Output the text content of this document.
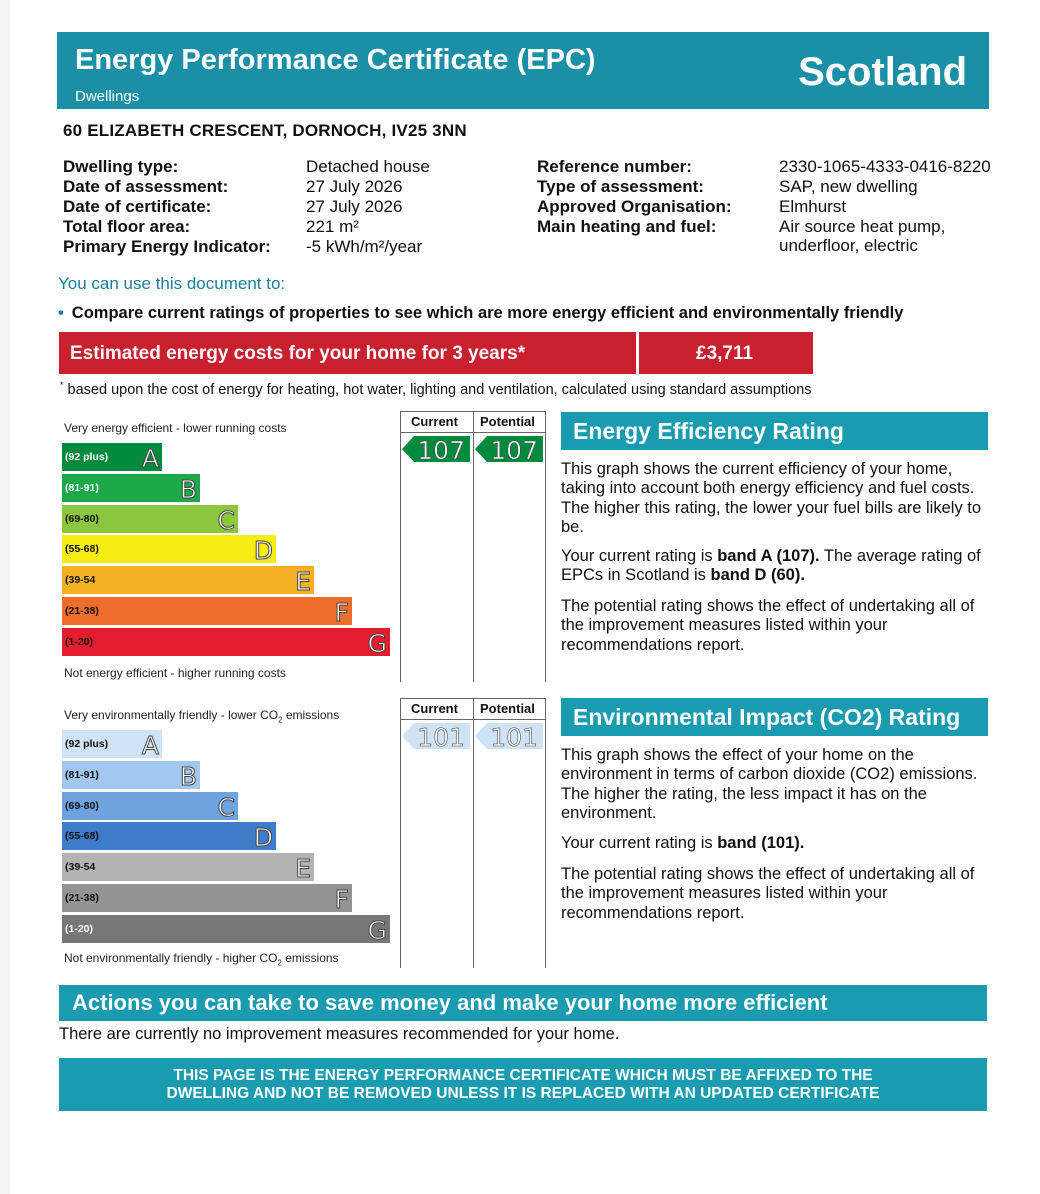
Energy Performance Certificate (EPC)
Dwellings
Scotland
60 ELIZABETH CRESCENT, DORNOCH, IV25 3NN
Dwelling type:	Detached house
Date of assessment:	27 July 2026
Date of certificate:	27 July 2026
Total floor area:	221 m²
Primary Energy Indicator: -5 kWh/m²/year
Reference number:	2330-1065-4333-0416-8220
Type of assessment:	SAP, new dwelling
Approved Organisation:	Elmhurst
Main heating and fuel:	Air source heat pump,
underfloor, electric
You can use this document to:
• Compare current ratings of properties to see which are more energy efficient and environmentally friendly
Estimated energy costs for your home for 3 years*	£3,711
* based upon the cost of energy for heating, hot water, lighting and ventilation, calculated using standard assumptions
Current Potential
Very energy efficient - lower running costs
(92 plus) A
(81-91)	B
(69-80)	C
(55-68)	D
(39-54	E
(21-38)	F
(1-20)	G
107 107
Not energy efficient - higher running costs
Current Potential
Very environmentally friendly - lower $CO_2$ emissions
(92 plus) A
(81-91)	B
(69-80)	C
(55-68)	D
(39-54	E
(21-38)	F
(1-20)	G
101 101
Not environmentally friendly - higher $CO_2$ emissions
Energy Efficiency Rating

This graph shows the current efficiency of your home, taking into account both energy efficiency and fuel costs. The higher this rating, the lower your fuel bills are likely to be.

Your current rating is band A (107). The average rating of EPCs in Scotland is band D (60).

The potential rating shows the effect of undertaking all of the improvement measures listed within your recommendations report.

Environmental Impact (CO2) Rating

This graph shows the effect of your home on the environment in terms of carbon dioxide (CO2) emissions. The higher the rating, the less impact it has on the environment.

Your current rating is band (101).

The potential rating shows the effect of undertaking all of the improvement measures listed within your recommendations report.

Actions you can take to save money and make your home more efficient
There are currently no improvement measures recommended for your home.
THIS PAGE IS THE ENERGY PERFORMANCE CERTIFICATE WHICH MUST BE AFFIXED TO THE
DWELLING AND NOT BE REMOVED UNLESS IT IS REPLACED WITH AN UPDATED CERTIFICATE
